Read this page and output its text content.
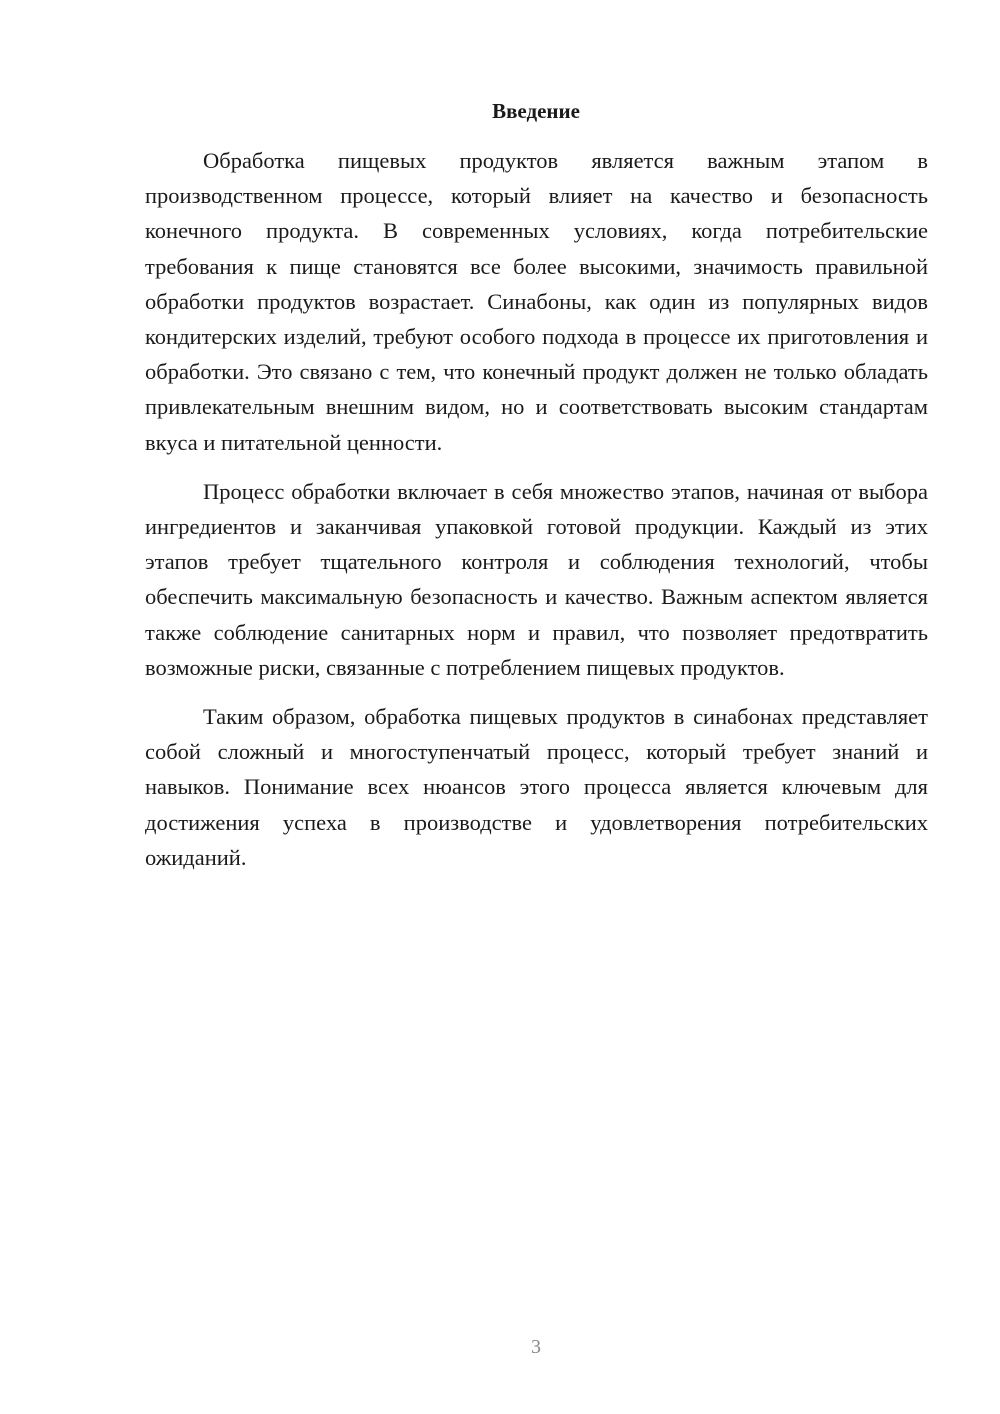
Введение

Обработка пищевых продуктов является важным этапом в производственном процессе, который влияет на качество и безопасность конечного продукта. В современных условиях, когда потребительские требования к пище становятся все более высокими, значимость правильной обработки продуктов возрастает. Синабоны, как один из популярных видов кондитерских изделий, требуют особого подхода в процессе их приготовления и обработки. Это связано с тем, что конечный продукт должен не только обладать привлекательным внешним видом, но и соответствовать высоким стандартам вкуса и питательной ценности.

Процесс обработки включает в себя множество этапов, начиная от выбора ингредиентов и заканчивая упаковкой готовой продукции. Каждый из этих этапов требует тщательного контроля и соблюдения технологий, чтобы обеспечить максимальную безопасность и качество. Важным аспектом является также соблюдение санитарных норм и правил, что позволяет предотвратить возможные риски, связанные с потреблением пищевых продуктов.

Таким образом, обработка пищевых продуктов в синабонах представляет собой сложный и многоступенчатый процесс, который требует знаний и навыков. Понимание всех нюансов этого процесса является ключевым для достижения успеха в производстве и удовлетворения потребительских ожиданий.

3
